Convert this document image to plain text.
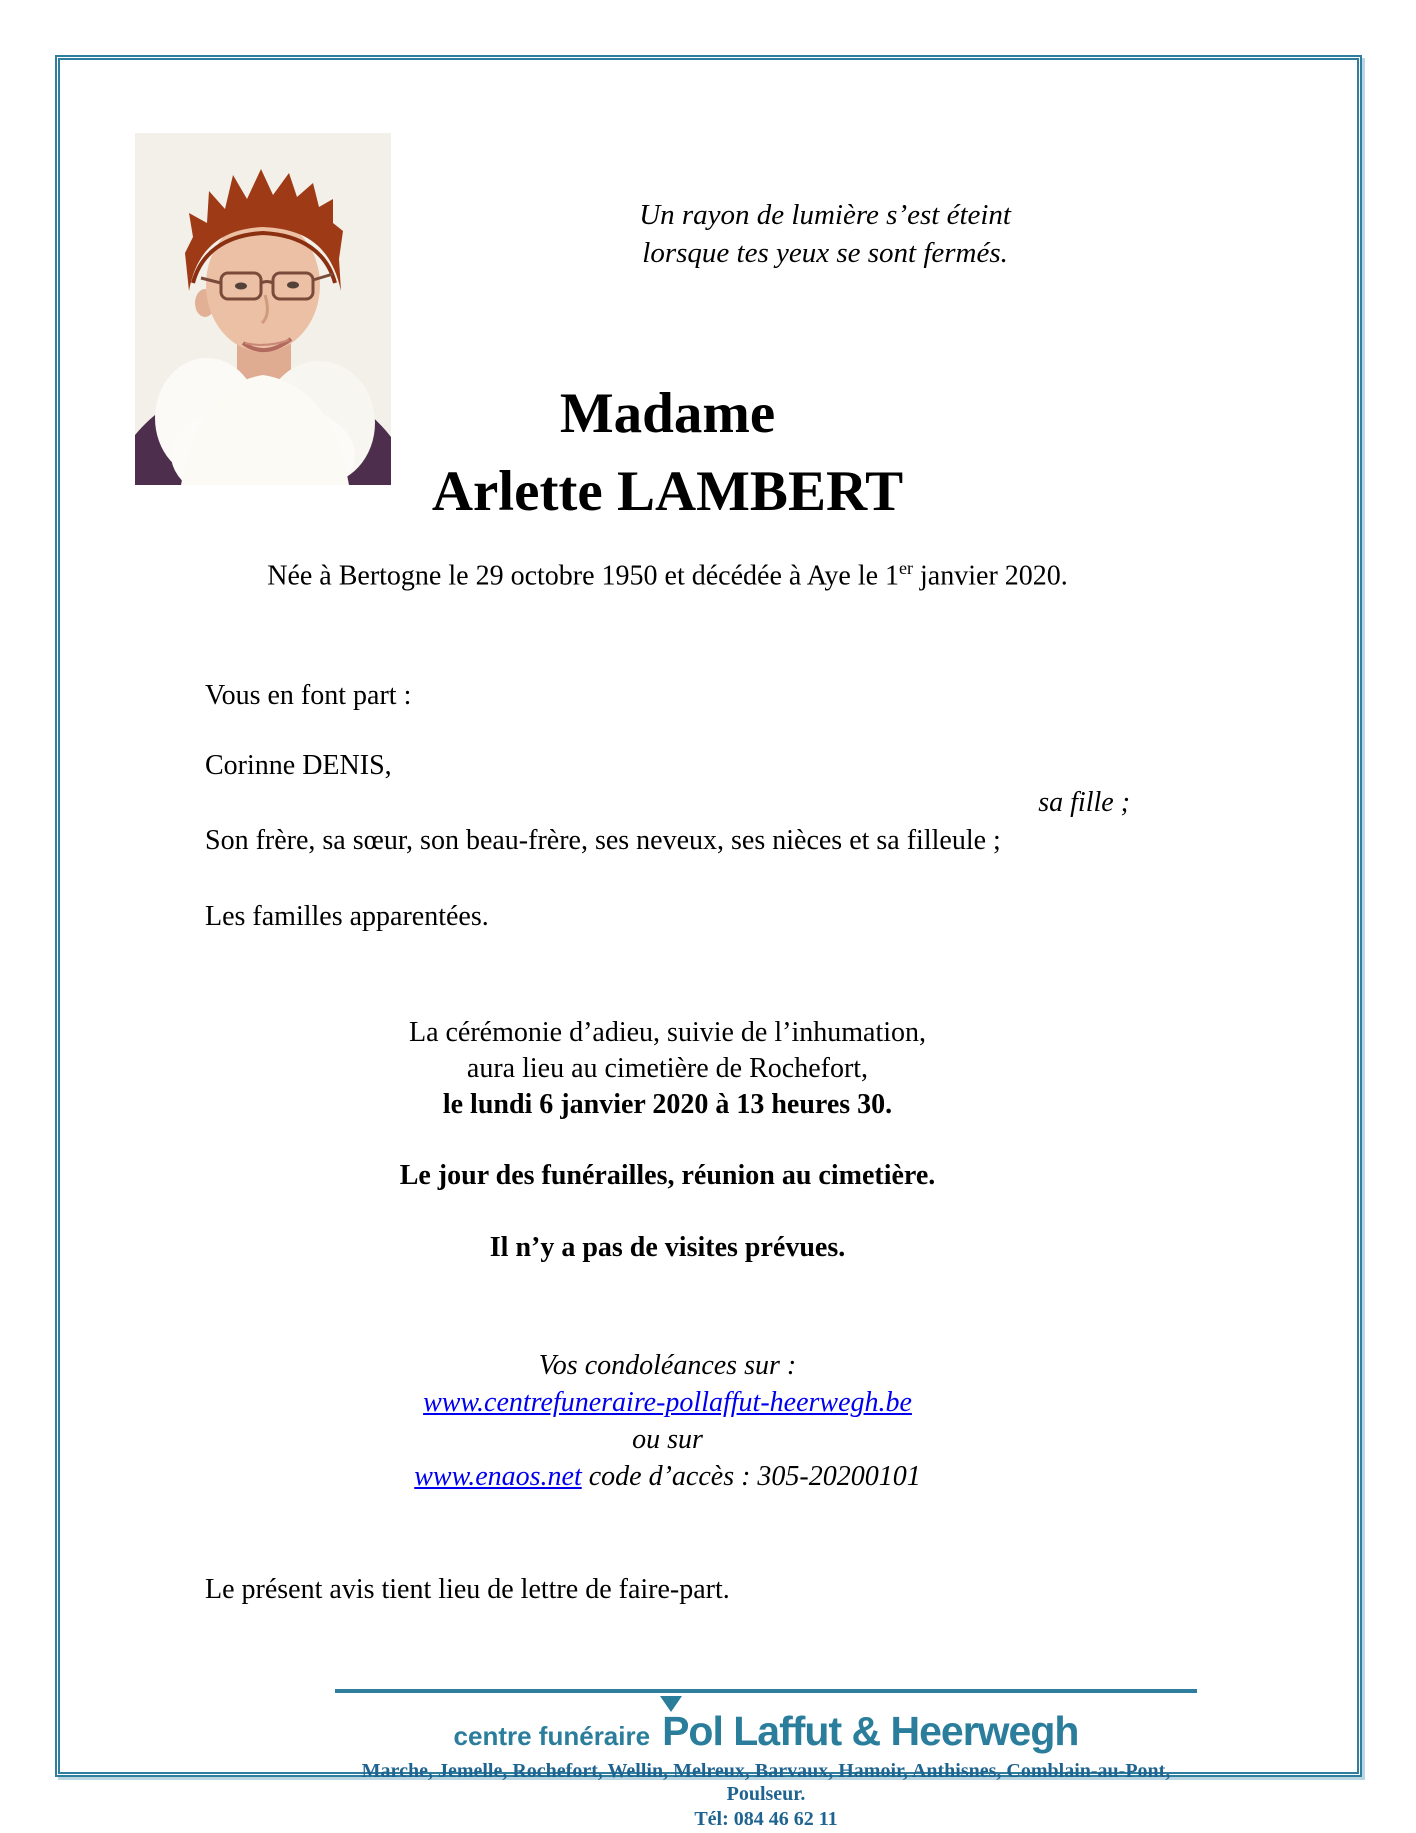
Un rayon de lumière s’est éteint
lorsque tes yeux se sont fermés.
Madame
Arlette LAMBERT
Née à Bertogne le 29 octobre 1950 et décédée à Aye le 1er janvier 2020.
Vous en font part :
Corinne DENIS,
sa fille ;
Son frère, sa sœur, son beau-frère, ses neveux, ses nièces et sa filleule ;
Les familles apparentées.
La cérémonie d’adieu, suivie de l’inhumation,
aura lieu au cimetière de Rochefort,
le lundi 6 janvier 2020 à 13 heures 30.
Le jour des funérailles, réunion au cimetière.
Il n’y a pas de visites prévues.
Vos condoléances sur :
www.centrefuneraire-pollaffut-heerwegh.be
ou sur
www.enaos.net code d’accès : 305-20200101
Le présent avis tient lieu de lettre de faire-part.
centre funéraire Pol Laffut & Heerwegh
Marche, Jemelle, Rochefort, Wellin, Melreux, Barvaux, Hamoir, Anthisnes, Comblain-au-Pont, Poulseur.
Tél: 084 46 62 11
